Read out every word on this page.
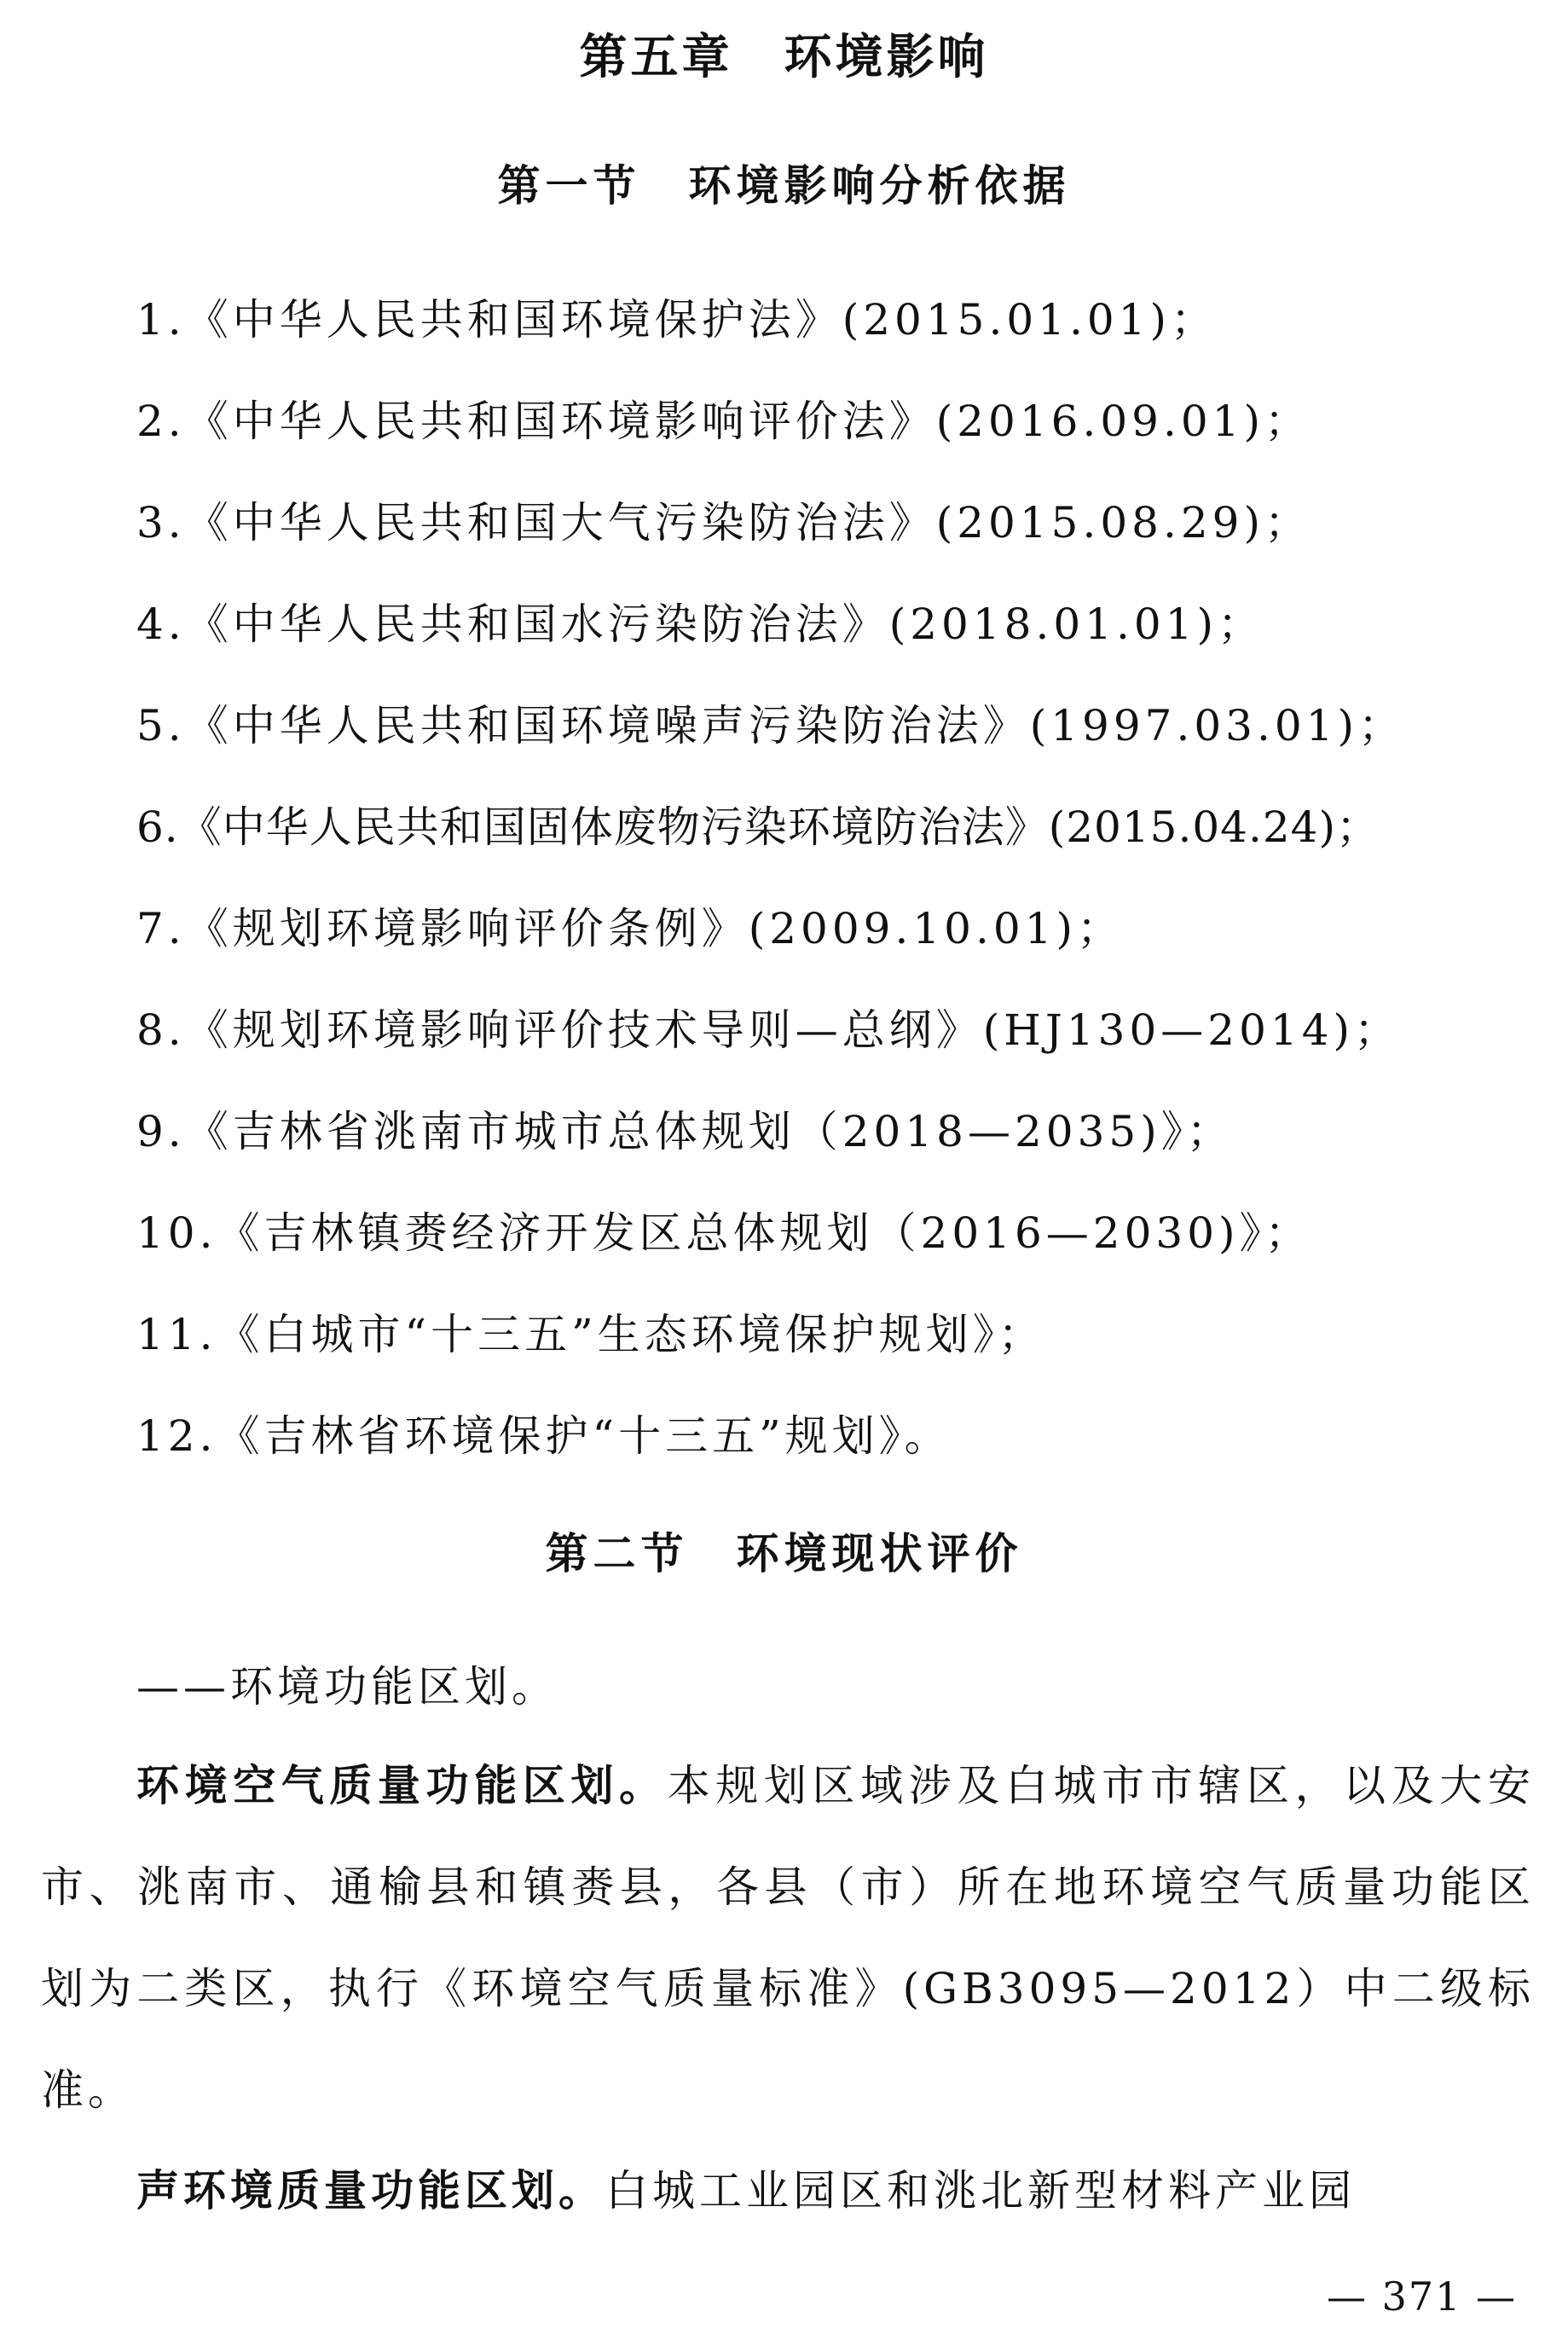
第五章　环境影响
第一节　环境影响分析依据
1.《中华人民共和国环境保护法》(2015.01.01)；
2.《中华人民共和国环境影响评价法》(2016.09.01)；
3.《中华人民共和国大气污染防治法》(2015.08.29)；
4.《中华人民共和国水污染防治法》(2018.01.01)；
5.《中华人民共和国环境噪声污染防治法》(1997.03.01)；
6.《中华人民共和国固体废物污染环境防治法》(2015.04.24)；
7.《规划环境影响评价条例》(2009.10.01)；
8.《规划环境影响评价技术导则—总纲》(HJ130—2014)；
9.《吉林省洮南市城市总体规划（2018—2035)》；
10.《吉林镇赉经济开发区总体规划（2016—2030)》；
11.《白城市“十三五”生态环境保护规划》；
12.《吉林省环境保护“十三五”规划》。
第二节　环境现状评价
——环境功能区划。

环境空气质量功能区划。本规划区域涉及白城市市辖区，以及大安市、洮南市、通榆县和镇赉县，各县（市）所在地环境空气质量功能区划为二类区，执行《环境空气质量标准》(GB3095—2012）中二级标准。

声环境质量功能区划。白城工业园区和洮北新型材料产业园

— 371 —
